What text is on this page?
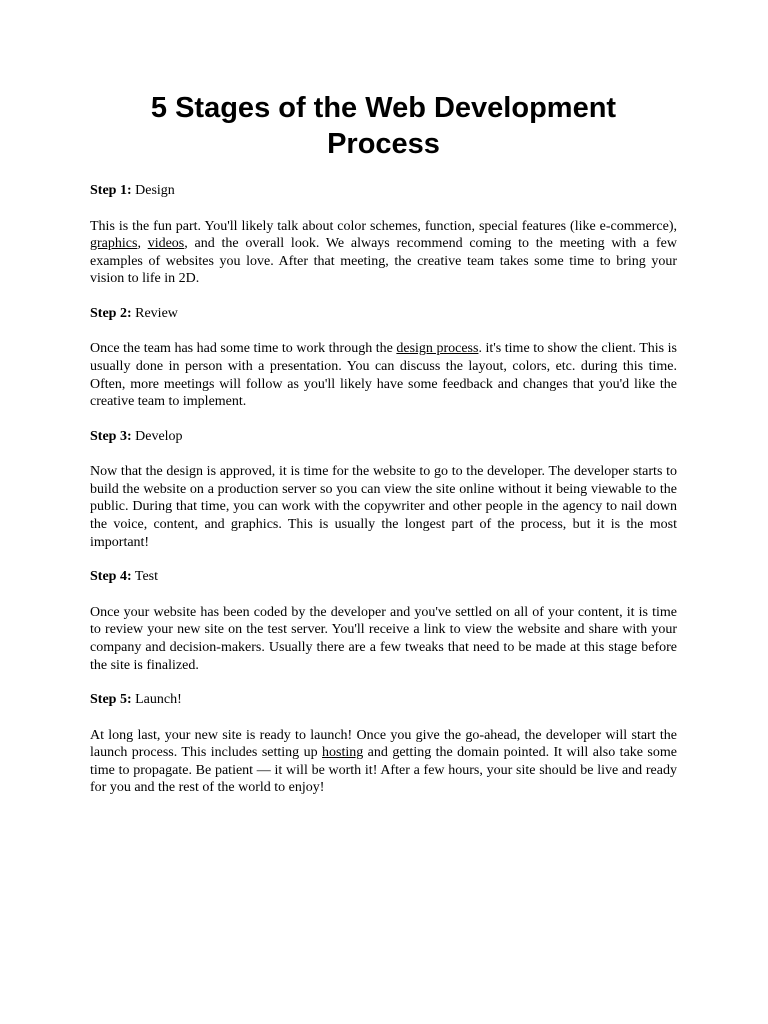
5 Stages of the Web Development Process
Step 1: Design

This is the fun part. You'll likely talk about color schemes, function, special features (like e-commerce), graphics, videos, and the overall look. We always recommend coming to the meeting with a few examples of websites you love. After that meeting, the creative team takes some time to bring your vision to life in 2D.

Step 2: Review

Once the team has had some time to work through the design process. it's time to show the client. This is usually done in person with a presentation. You can discuss the layout, colors, etc. during this time. Often, more meetings will follow as you'll likely have some feedback and changes that you'd like the creative team to implement.

Step 3: Develop

Now that the design is approved, it is time for the website to go to the developer. The developer starts to build the website on a production server so you can view the site online without it being viewable to the public. During that time, you can work with the copywriter and other people in the agency to nail down the voice, content, and graphics. This is usually the longest part of the process, but it is the most important!

Step 4: Test

Once your website has been coded by the developer and you've settled on all of your content, it is time to review your new site on the test server. You'll receive a link to view the website and share with your company and decision-makers. Usually there are a few tweaks that need to be made at this stage before the site is finalized.

Step 5: Launch!

At long last, your new site is ready to launch! Once you give the go-ahead, the developer will start the launch process. This includes setting up hosting and getting the domain pointed. It will also take some time to propagate. Be patient — it will be worth it! After a few hours, your site should be live and ready for you and the rest of the world to enjoy!
